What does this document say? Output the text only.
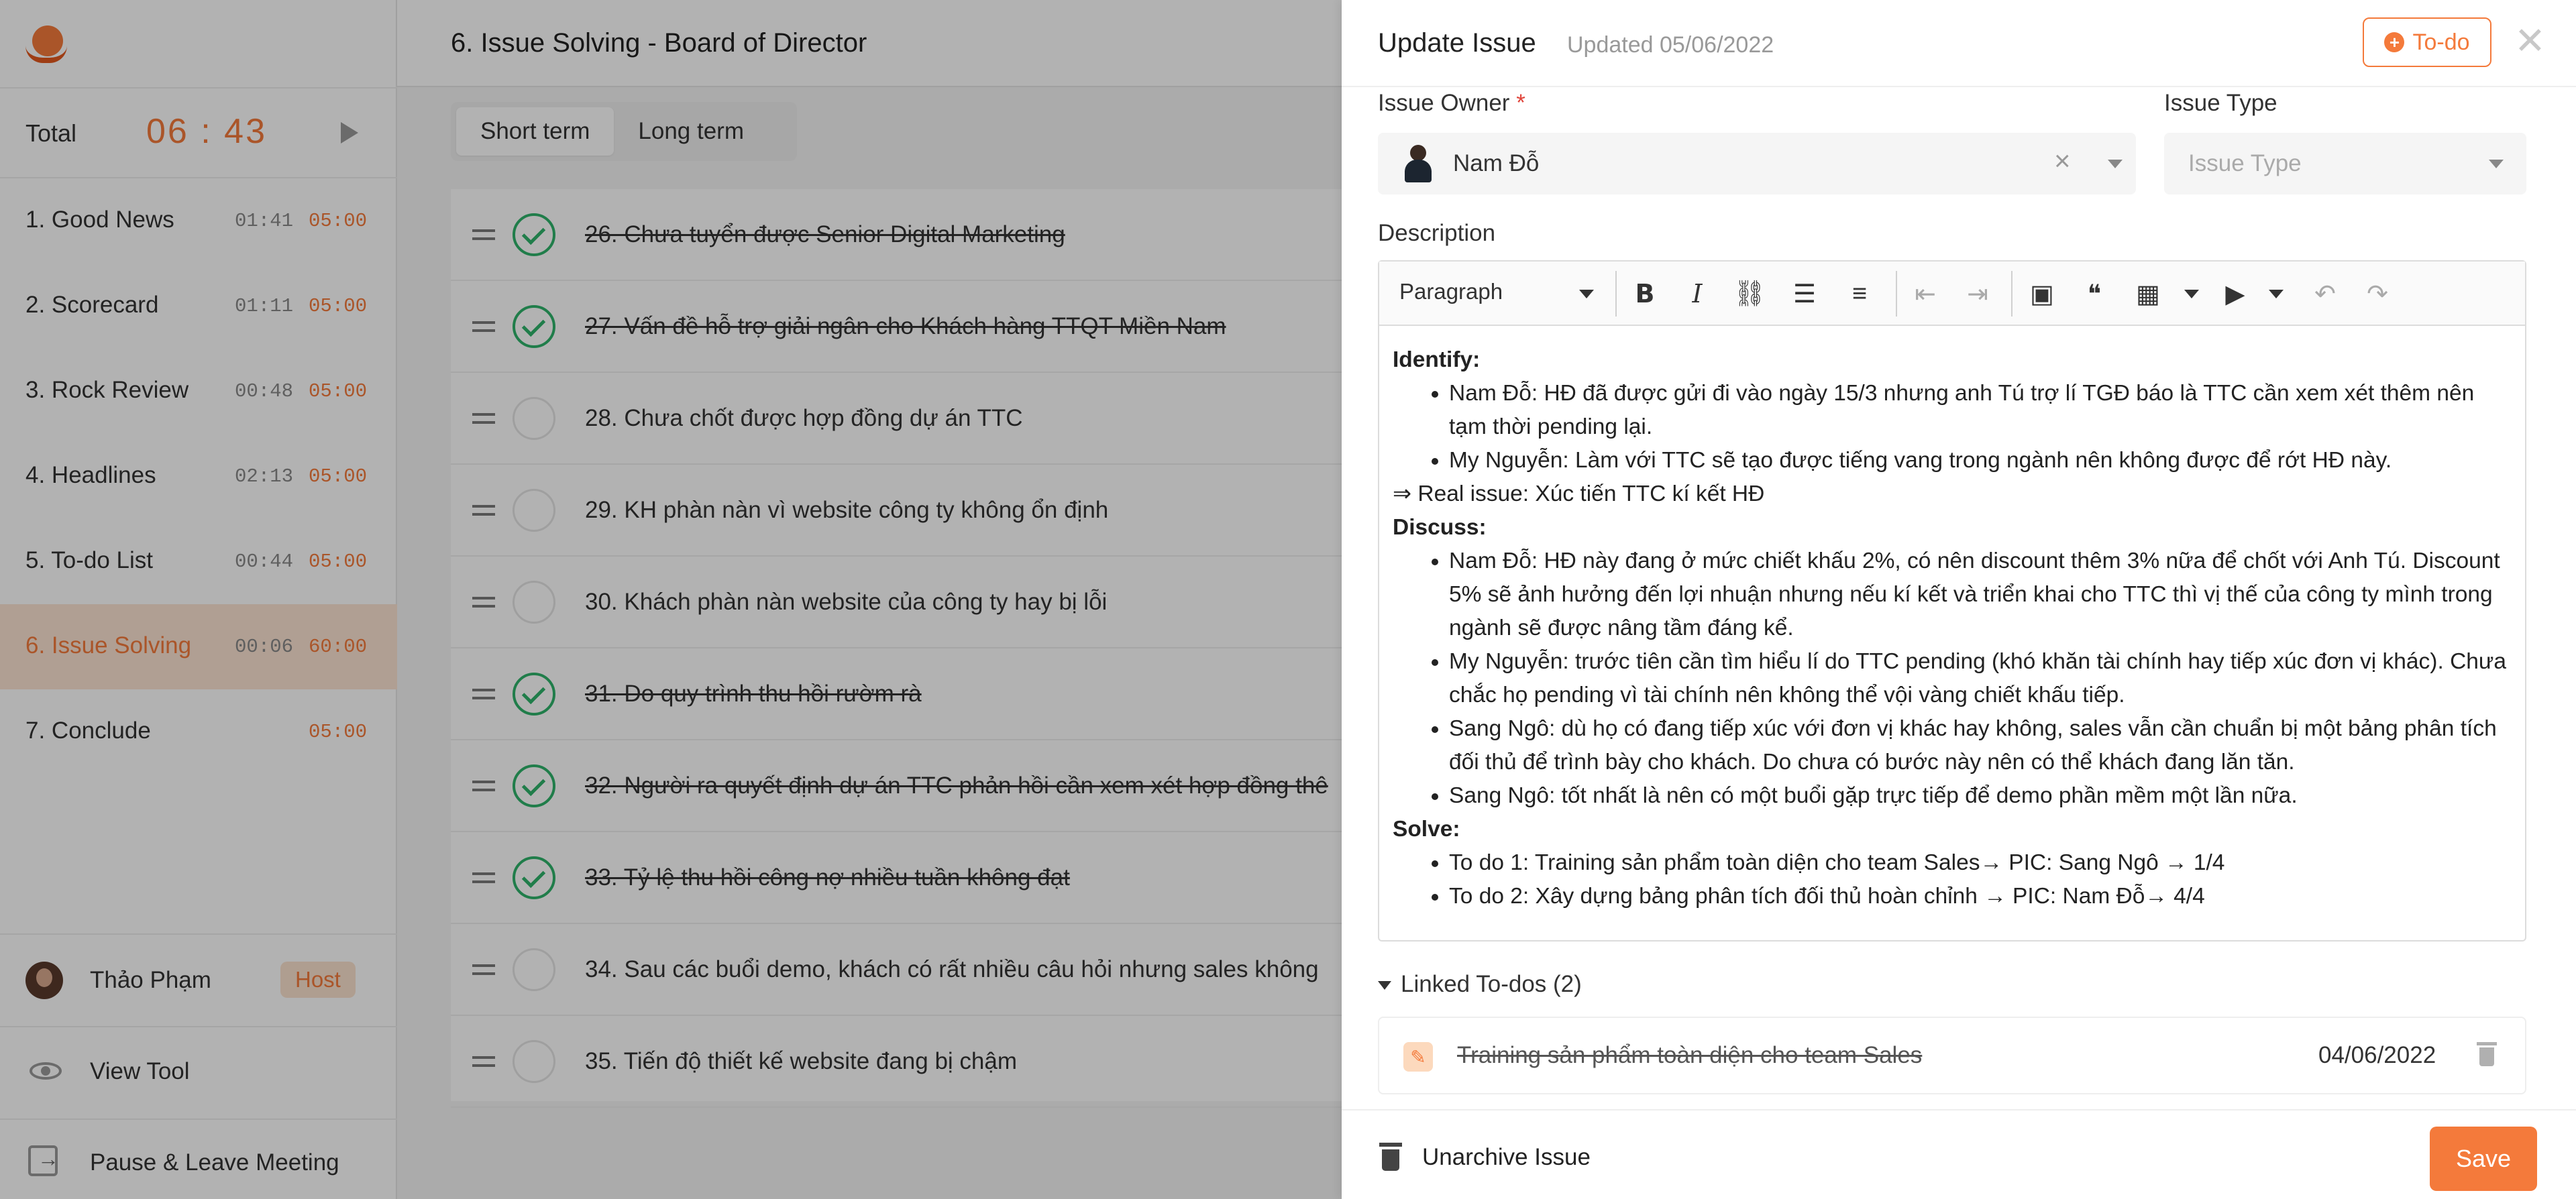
Total 06 : 43
1. Good News	01:41 05:00
2. Scorecard	01:11 05:00
3. Rock Review 00:48 05:00
4. Headlines	02:13 05:00
5. To-do List	00:44 05:00
6. Issue Solving 00:06 60:00
7. Conclude	05:00
Thảo Phạm	Host
View Tool
→
Pause & Leave Meeting
6. Issue Solving - Board of Director
Short term	Long term
26. Chưa tuyển được Senior Digital Marketing
27. Vấn đề hỗ trợ giải ngân cho Khách hàng TTQT Miền Nam
28. Chưa chốt được hợp đồng dự án TTC
29. KH phàn nàn vì website công ty không ổn định
30. Khách phàn nàn website của công ty hay bị lỗi
31. Do quy trình thu hồi rườm rà
32. Người ra quyết định dự án TTC phản hồi cần xem xét hợp đồng thê
33. Tỷ lệ thu hồi công nợ nhiều tuần không đạt
34. Sau các buổi demo, khách có rất nhiều câu hỏi nhưng sales không
35. Tiến độ thiết kế website đang bị chậm
Update Issue Updated 05/06/2022	+ To-do ✕
Issue Owner *
Nam Đỗ	×
Issue Type
Issue Type
Description
Paragraph	B	I	⛓ ☰	≡	⇤ ⇥ ▣	❝	▦	▶	↶ ↷
Identify:
• Nam Đỗ: HĐ đã được gửi đi vào ngày 15/3 nhưng anh Tú trợ lí TGĐ báo là TTC cần xem xét thêm nên tạm thời pending lại.
• My Nguyễn: Làm với TTC sẽ tạo được tiếng vang trong ngành nên không được để rớt HĐ này.
⇒ Real issue: Xúc tiến TTC kí kết HĐ
Discuss:
• Nam Đỗ: HĐ này đang ở mức chiết khấu 2%, có nên discount thêm 3% nữa để chốt với Anh Tú. Discount 5% sẽ ảnh hưởng đến lợi nhuận nhưng nếu kí kết và triển khai cho TTC thì vị thế của công ty mình trong ngành sẽ được nâng tầm đáng kể.
• My Nguyễn: trước tiên cần tìm hiểu lí do TTC pending (khó khăn tài chính hay tiếp xúc đơn vị khác). Chưa chắc họ pending vì tài chính nên không thể vội vàng chiết khấu tiếp.
• Sang Ngô: dù họ có đang tiếp xúc với đơn vị khác hay không, sales vẫn cần chuẩn bị một bảng phân tích đối thủ để trình bày cho khách. Do chưa có bước này nên có thể khách đang lăn tăn.
• Sang Ngô: tốt nhất là nên có một buổi gặp trực tiếp để demo phần mềm một lần nữa.
Solve:
• To do 1: Training sản phẩm toàn diện cho team Sales→ PIC: Sang Ngô → 1/4
• To do 2: Xây dựng bảng phân tích đối thủ hoàn chỉnh → PIC: Nam Đỗ→ 4/4
Linked To-dos (2)
✎ Training sản phẩm toàn diện cho team Sales	04/06/2022
Unarchive Issue	Save
